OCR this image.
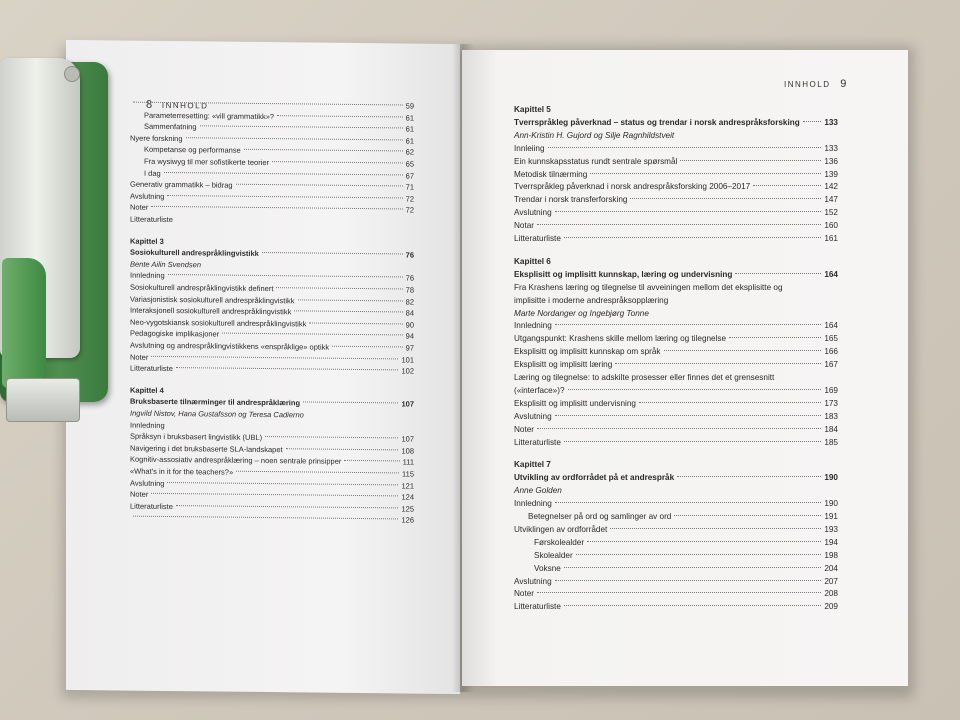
8 INNHOLD	59
Parameterresetting: «vill grammatikk»?	61
Sammenfatning	61
Nyere forskning	61
Kompetanse og performanse	62
Fra wysiwyg til mer sofistikerte teorier	65
I dag	67
Generativ grammatikk – bidrag	71
Avslutning	72
Noter	72
Litteraturliste
Kapittel 3
Sosiokulturell andrespråklingvistikk	76
Bente Ailin Svendsen
Innledning	76
Sosiokulturell andrespråklingvistikk definert	78
Variasjonistisk sosiokulturell andrespråklingvistikk	82
Interaksjonell sosiokulturell andrespråklingvistikk	84
Neo-vygotskiansk sosiokulturell andrespråklingvistikk	90
Pedagogiske implikasjoner	94
Avslutning og andrespråklingvistikkens «enspråklige» optikk	97
Noter	101
Litteraturliste	102
Kapittel 4
Bruksbaserte tilnærminger til andrespråklæring	107
Ingvild Nistov, Hana Gustafsson og Teresa Cadierno
Innledning
Språksyn i bruksbasert lingvistikk (UBL)	107
Navigering i det bruksbaserte SLA-landskapet	108
Kognitiv-assosiativ andrespråklæring – noen sentrale prinsipper	111
«What's in it for the teachers?»	115
Avslutning	121
Noter	124
Litteraturliste	125
126
INNHOLD 9
Kapittel 5
Tverrspråkleg påverknad – status og trendar i norsk andrespråksforsking	133
Ann-Kristin H. Gujord og Silje Ragnhildstveit
Innleiing	133
Ein kunnskapsstatus rundt sentrale spørsmål	136
Metodisk tilnærming	139
Tverrspråkleg påverknad i norsk andrespråksforsking 2006–2017	142
Trendar i norsk transferforsking	147
Avslutning	152
Notar	160
Litteraturliste	161
Kapittel 6
Eksplisitt og implisitt kunnskap, læring og undervisning	164
Fra Krashens læring og tilegnelse til avveiningen mellom det eksplisitte og
implisitte i moderne andrespråksopplæring
Marte Nordanger og Ingebjørg Tonne
Innledning	164
Utgangspunkt: Krashens skille mellom læring og tilegnelse	165
Eksplisitt og implisitt kunnskap om språk	166
Eksplisitt og implisitt læring	167
Læring og tilegnelse: to adskilte prosesser eller finnes det et grensesnitt
(«interface»)?	169
Eksplisitt og implisitt undervisning	173
Avslutning	183
Noter	184
Litteraturliste	185
Kapittel 7
Utvikling av ordforrådet på et andrespråk	190
Anne Golden
Innledning	190
Betegnelser på ord og samlinger av ord	191
Utviklingen av ordforrådet	193
Førskolealder	194
Skolealder	198
Voksne	204
Avslutning	207
Noter	208
Litteraturliste	209
